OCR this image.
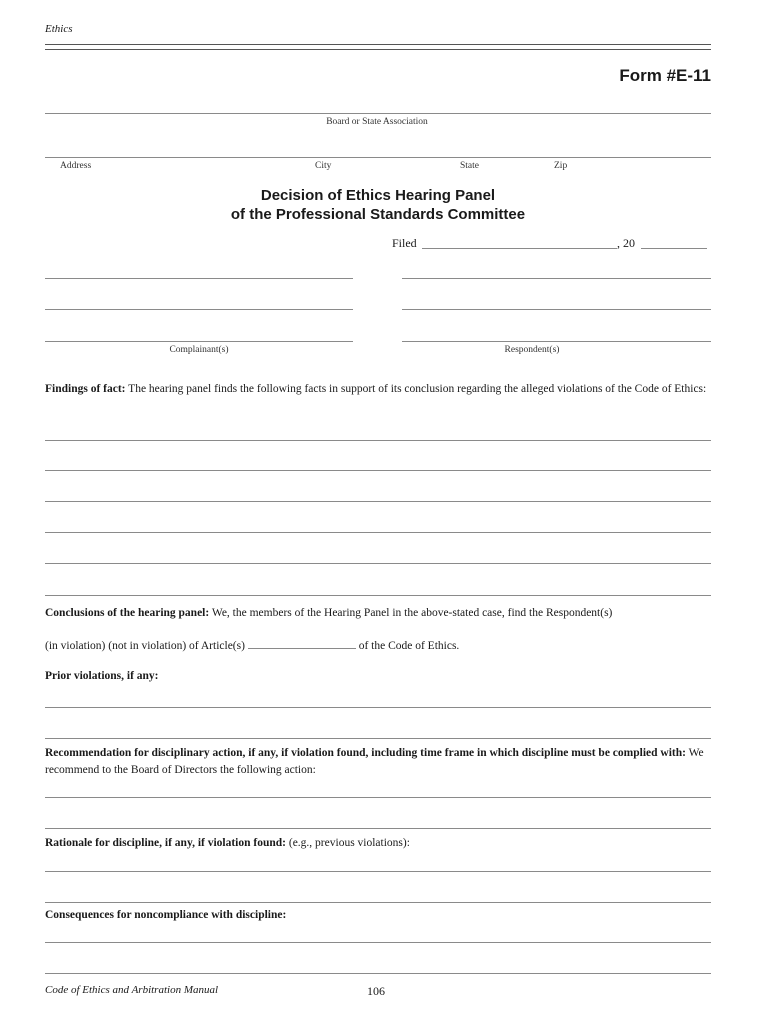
Ethics
Form #E-11
Board or State Association
Address	City	State	Zip
Decision of Ethics Hearing Panel
of the Professional Standards Committee
Filed	, 20
Complainant(s)	Respondent(s)
Findings of fact: The hearing panel finds the following facts in support of its conclusion regarding the alleged violations of the Code of Ethics:
Conclusions of the hearing panel: We, the members of the Hearing Panel in the above-stated case, find the Respondent(s)
(in violation) (not in violation) of Article(s)	of the Code of Ethics.
Prior violations, if any:
Recommendation for disciplinary action, if any, if violation found, including time frame in which discipline must be complied with: We recommend to the Board of Directors the following action:
Rationale for discipline, if any, if violation found: (e.g., previous violations):
Consequences for noncompliance with discipline:
Code of Ethics and Arbitration Manual	106
